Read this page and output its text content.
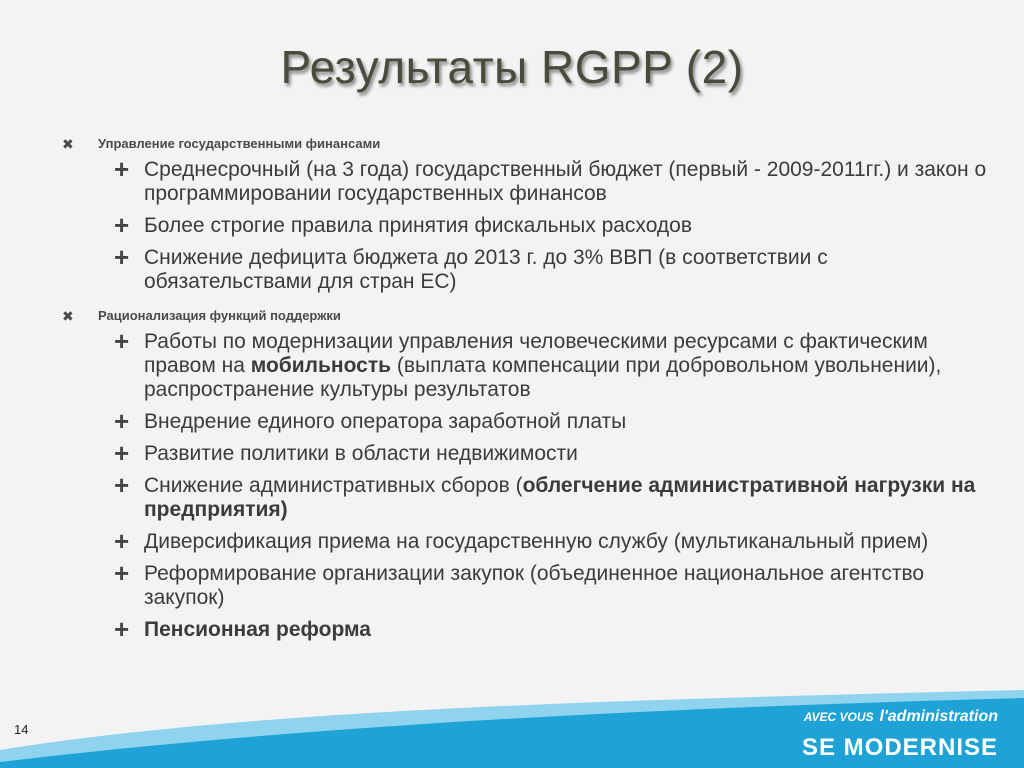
Результаты RGPP (2)
✖	Управление государственными финансами
+ Среднесрочный (на 3 года) государственный бюджет (первый - 2009-2011гг.) и закон о программировании государственных финансов
+ Более строгие правила принятия фискальных расходов
+ Снижение дефицита бюджета до 2013 г. до 3% ВВП (в соответствии с обязательствами для стран ЕС)
✖	Рационализация функций поддержки
+ Работы по модернизации управления человеческими ресурсами с фактическим правом на мобильность (выплата компенсации при добровольном увольнении), распространение культуры результатов
+ Внедрение единого оператора заработной платы
+ Развитие политики в области недвижимости
+ Снижение административных сборов (облегчение административной нагрузки на предприятия)
+ Диверсификация приема на государственную службу (мультиканальный прием)
+ Реформирование организации закупок (объединенное национальное агентство закупок)
+ Пенсионная реформа
14
AVEC VOUS l'administration
SE MODERNISE
